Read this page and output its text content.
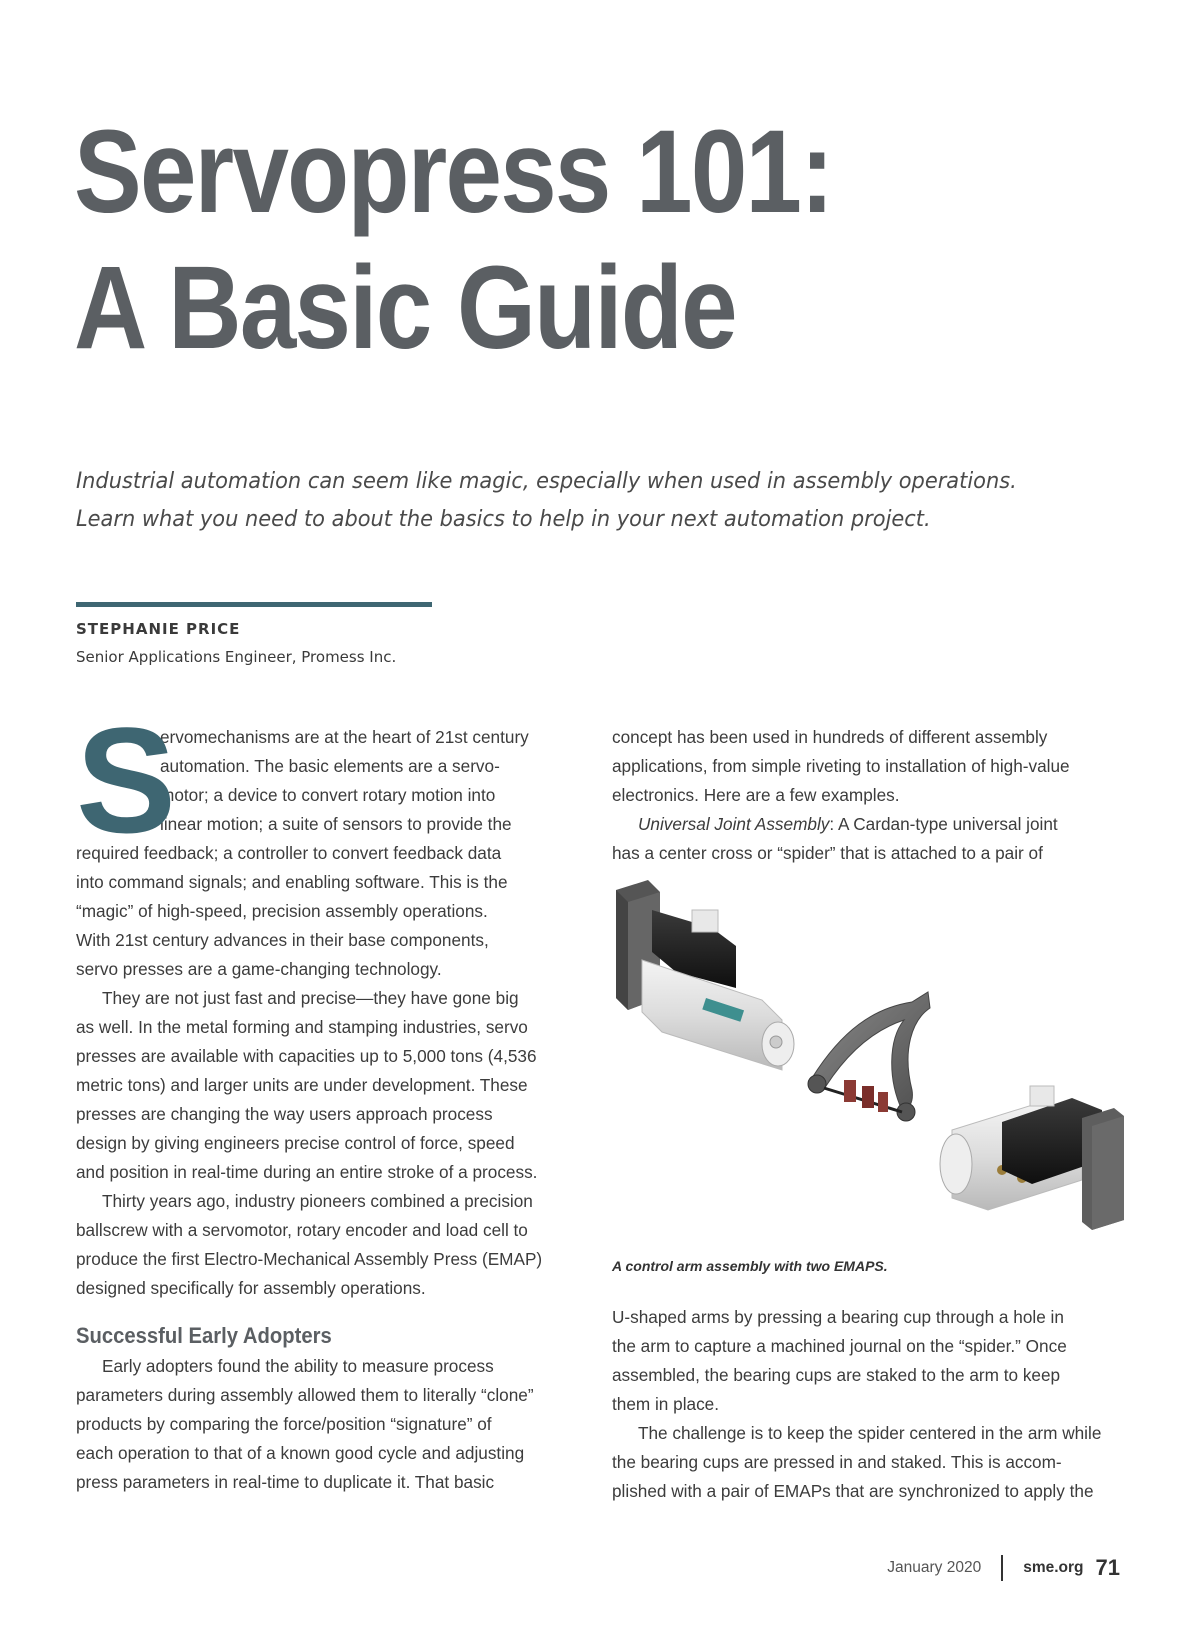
Servopress 101:
A Basic Guide

Industrial automation can seem like magic, especially when used in assembly operations.
Learn what you need to about the basics to help in your next automation project.

STEPHANIE PRICE
Senior Applications Engineer, Promess Inc.
S
ervomechanisms are at the heart of 21st century
automation. The basic elements are a servo-
motor; a device to convert rotary motion into
linear motion; a suite of sensors to provide the
required feedback; a controller to convert feedback data
into command signals; and enabling software. This is the
“magic” of high-speed, precision assembly operations.
With 21st century advances in their base components,
servo presses are a game-changing technology.
They are not just fast and precise—they have gone big
as well. In the metal forming and stamping industries, servo
presses are available with capacities up to 5,000 tons (4,536
metric tons) and larger units are under development. These
presses are changing the way users approach process
design by giving engineers precise control of force, speed
and position in real-time during an entire stroke of a process.
Thirty years ago, industry pioneers combined a precision
ballscrew with a servomotor, rotary encoder and load cell to
produce the first Electro-Mechanical Assembly Press (EMAP)
designed specifically for assembly operations.
Successful Early Adopters
Early adopters found the ability to measure process
parameters during assembly allowed them to literally “clone”
products by comparing the force/position “signature” of
each operation to that of a known good cycle and adjusting
press parameters in real-time to duplicate it. That basic
concept has been used in hundreds of different assembly
applications, from simple riveting to installation of high-value
electronics. Here are a few examples.
Universal Joint Assembly: A Cardan-type universal joint
has a center cross or “spider” that is attached to a pair of
A control arm assembly with two EMAPS.
U-shaped arms by pressing a bearing cup through a hole in
the arm to capture a machined journal on the “spider.” Once
assembled, the bearing cups are staked to the arm to keep
them in place.
The challenge is to keep the spider centered in the arm while
the bearing cups are pressed in and staked. This is accom-
plished with a pair of EMAPs that are synchronized to apply the
January 2020	sme.org 71
